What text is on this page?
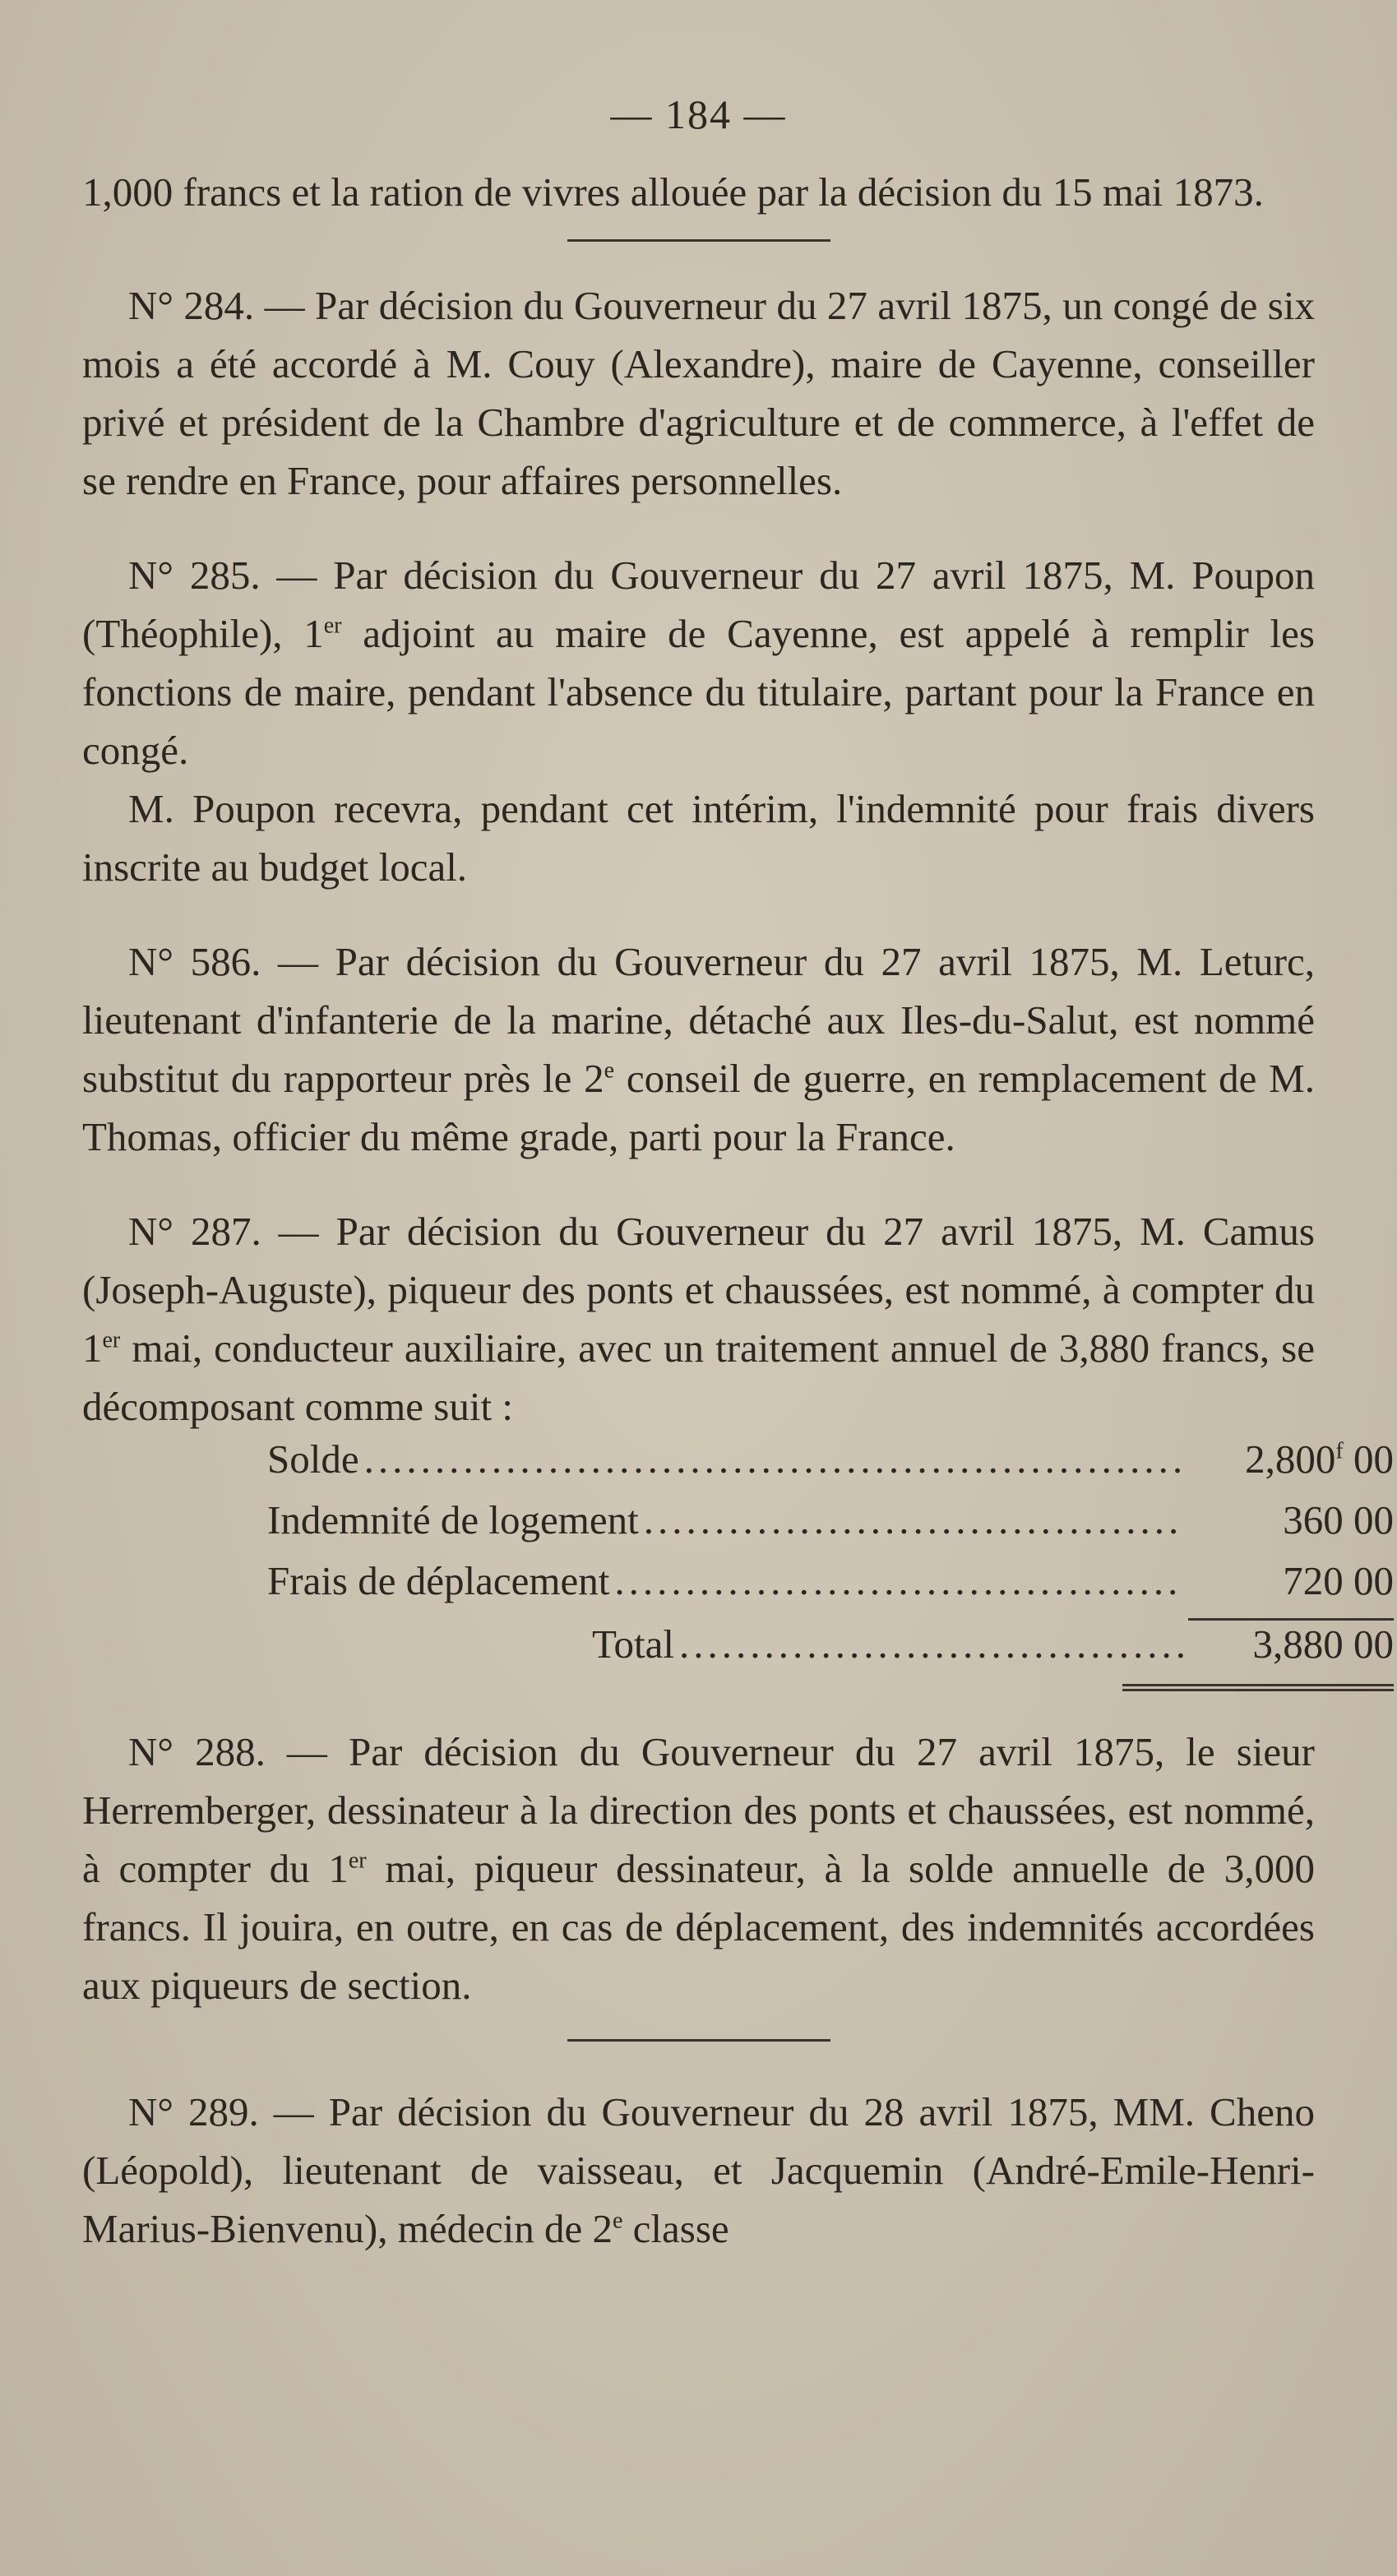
— 184 —

1,000 francs et la ration de vivres allouée par la décision du 15 mai 1873.

N° 284. — Par décision du Gouverneur du 27 avril 1875, un congé de six mois a été accordé à M. Couy (Alexandre), maire de Cayenne, conseiller privé et président de la Chambre d'agriculture et de commerce, à l'effet de se rendre en France, pour affaires personnelles.

N° 285. — Par décision du Gouverneur du 27 avril 1875, M. Poupon (Théophile), 1er adjoint au maire de Cayenne, est appelé à remplir les fonctions de maire, pendant l'absence du titulaire, partant pour la France en congé.

M. Poupon recevra, pendant cet intérim, l'indemnité pour frais divers inscrite au budget local.

N° 586. — Par décision du Gouverneur du 27 avril 1875, M. Leturc, lieutenant d'infanterie de la marine, détaché aux Iles-du-Salut, est nommé substitut du rapporteur près le 2e conseil de guerre, en remplacement de M. Thomas, officier du même grade, parti pour la France.

N° 287. — Par décision du Gouverneur du 27 avril 1875, M. Camus (Joseph-Auguste), piqueur des ponts et chaussées, est nommé, à compter du 1er mai, conducteur auxiliaire, avec un traitement annuel de 3,880 francs, se décomposant comme suit :

Solde .....	2,800$^f$ 00
Indemnité de logement .....	360 00
Frais de déplacement .....	720 00
Total .....	3,880 00

N° 288. — Par décision du Gouverneur du 27 avril 1875, le sieur Herremberger, dessinateur à la direction des ponts et chaussées, est nommé, à compter du 1er mai, piqueur dessinateur, à la solde annuelle de 3,000 francs. Il jouira, en outre, en cas de déplacement, des indemnités accordées aux piqueurs de section.

N° 289. — Par décision du Gouverneur du 28 avril 1875, MM. Cheno (Léopold), lieutenant de vaisseau, et Jacquemin (André-Emile-Henri-Marius-Bienvenu), médecin de 2e classe
